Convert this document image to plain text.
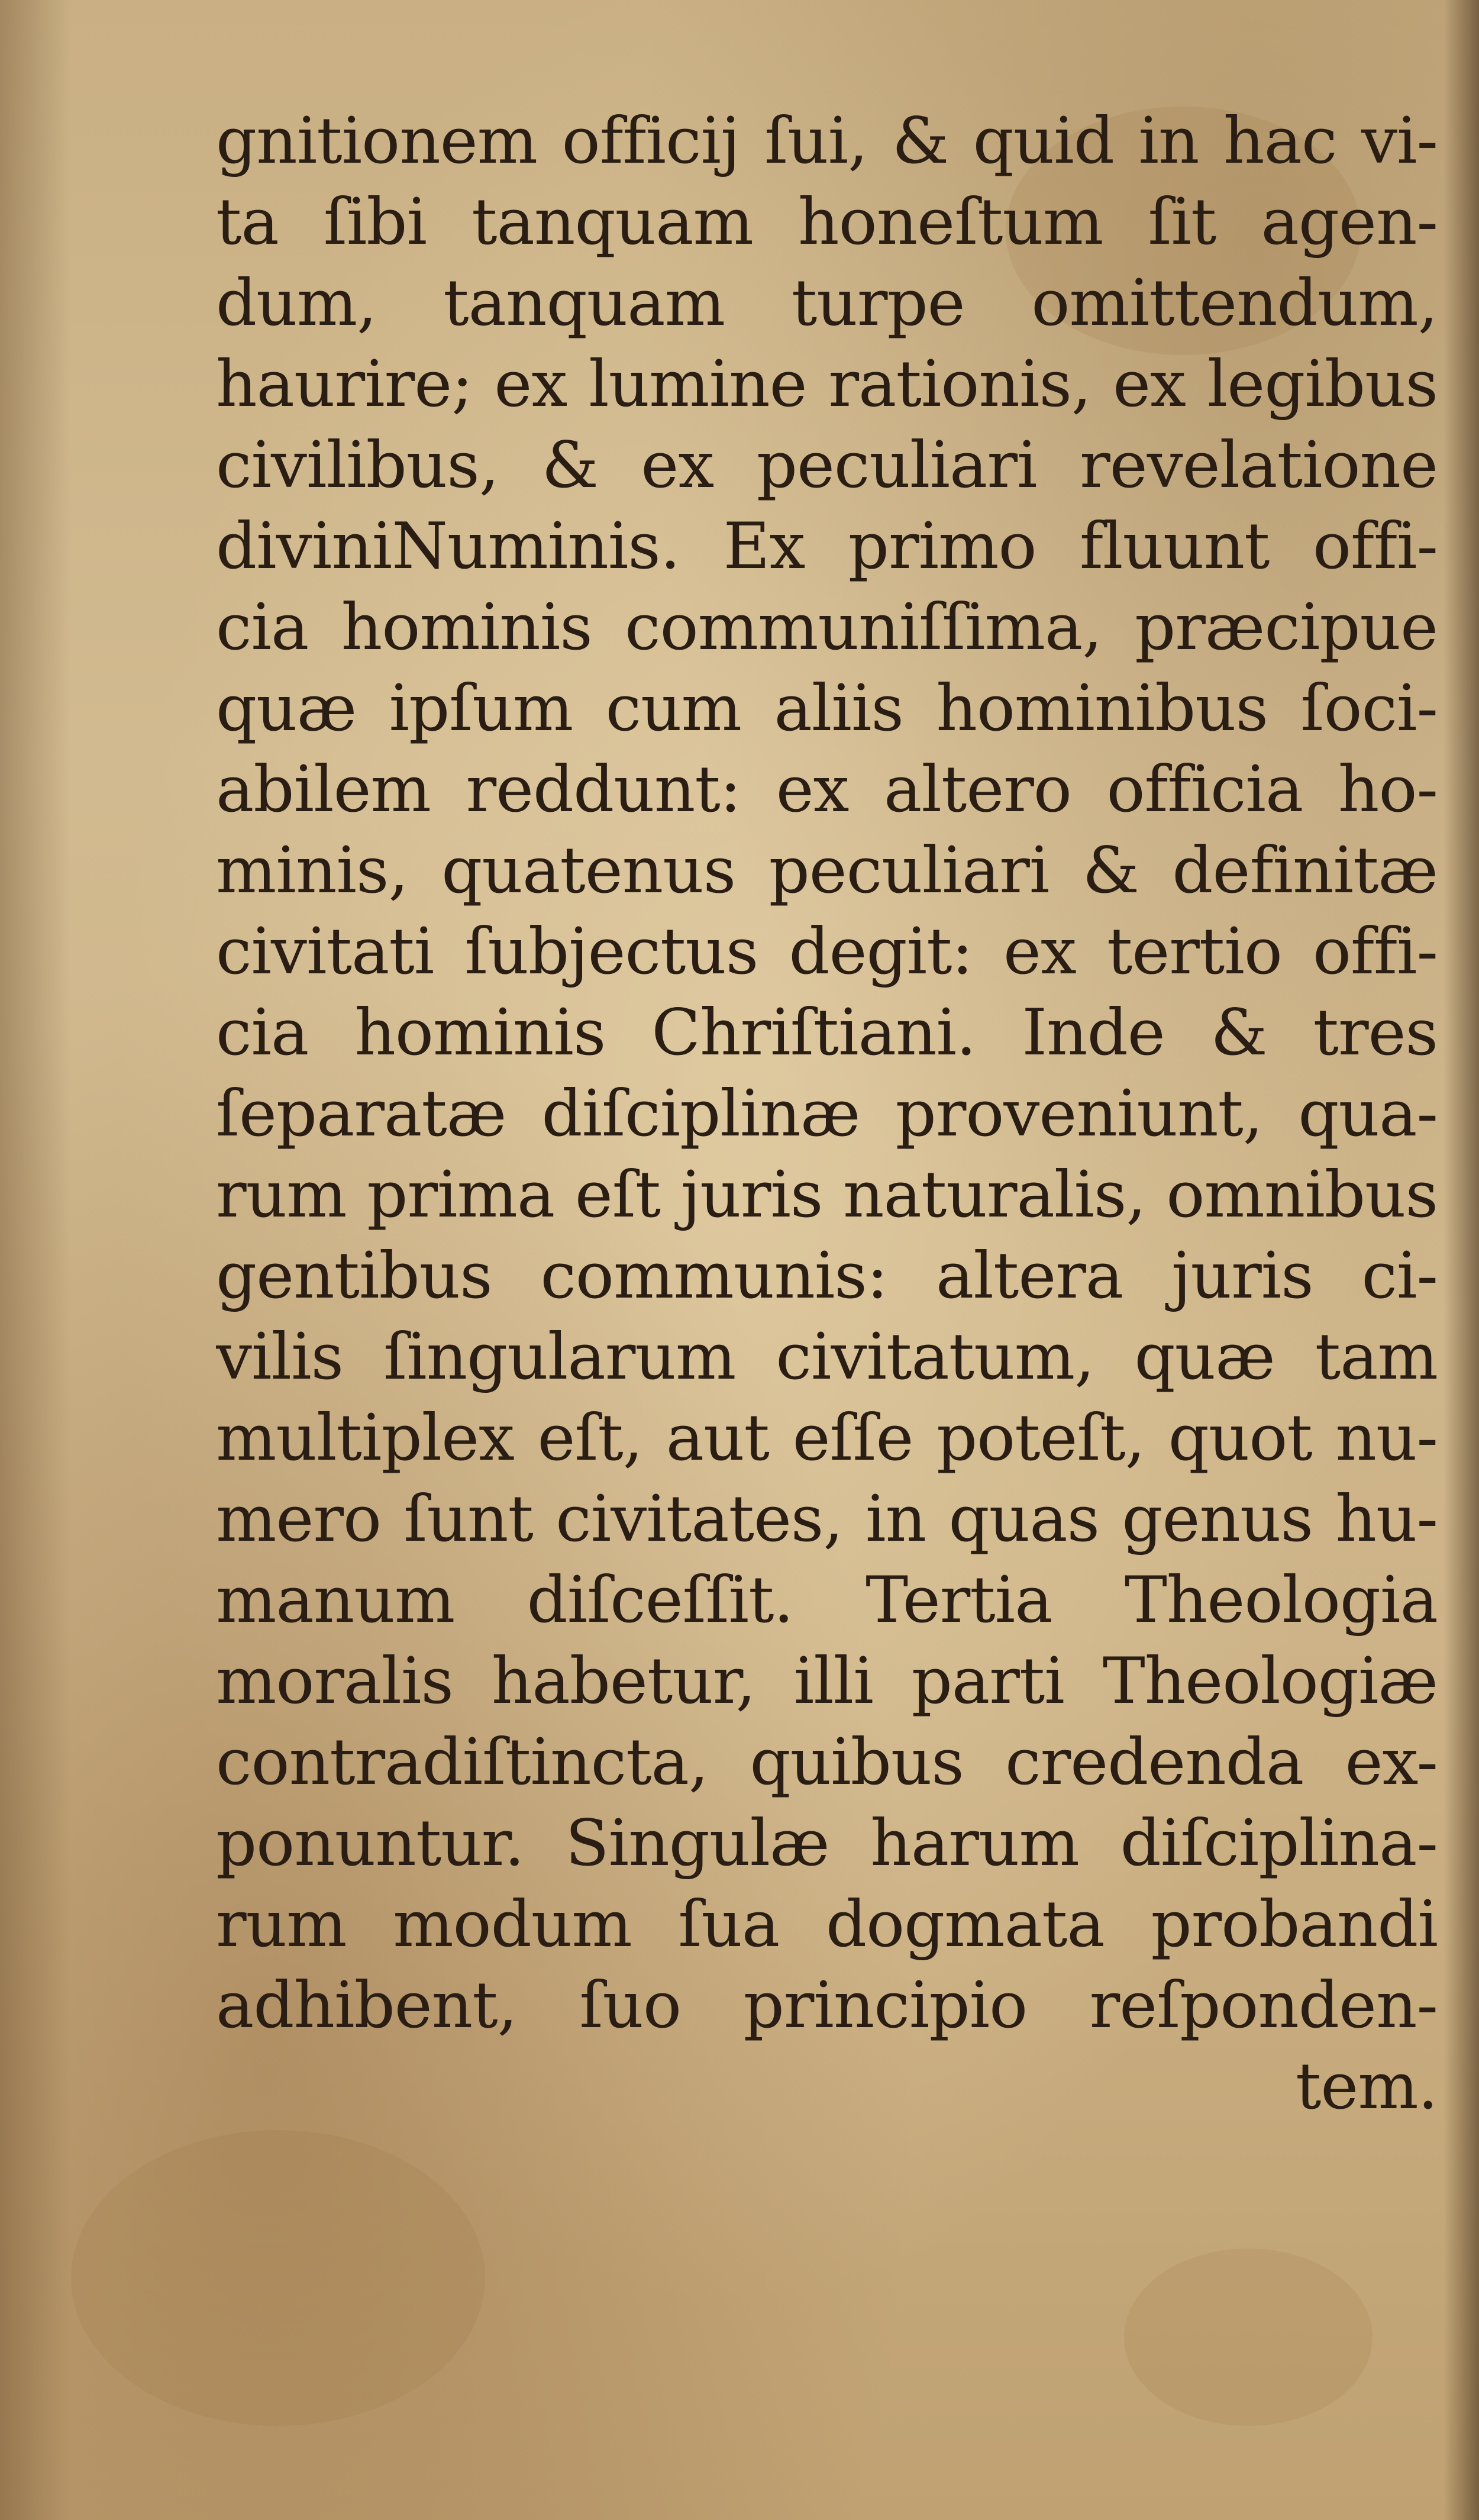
gnitionem officij ſui, & quid in hac vi-
ta ſibi tanquam honeſtum ſit agen-
dum, tanquam turpe omittendum,
haurire; ex lumine rationis, ex legibus
civilibus, & ex peculiari revelatione
diviniNuminis. Ex primo fluunt offi-
cia hominis communiſſima, præcipue
quæ ipſum cum aliis hominibus ſoci-
abilem reddunt: ex altero officia ho-
minis, quatenus peculiari & definitæ
civitati ſubjectus degit: ex tertio offi-
cia hominis Chriſtiani. Inde & tres
ſeparatæ diſciplinæ proveniunt, qua-
rum prima eſt juris naturalis, omnibus
gentibus communis: altera juris ci-
vilis ſingularum civitatum, quæ tam
multiplex eſt, aut eſſe poteſt, quot nu-
mero ſunt civitates, in quas genus hu-
manum diſceſſit. Tertia Theologia
moralis habetur, illi parti Theologiæ
contradiſtincta, quibus credenda ex-
ponuntur. Singulæ harum diſciplina-
rum modum ſua dogmata probandi
adhibent, ſuo principio reſponden-
tem.
